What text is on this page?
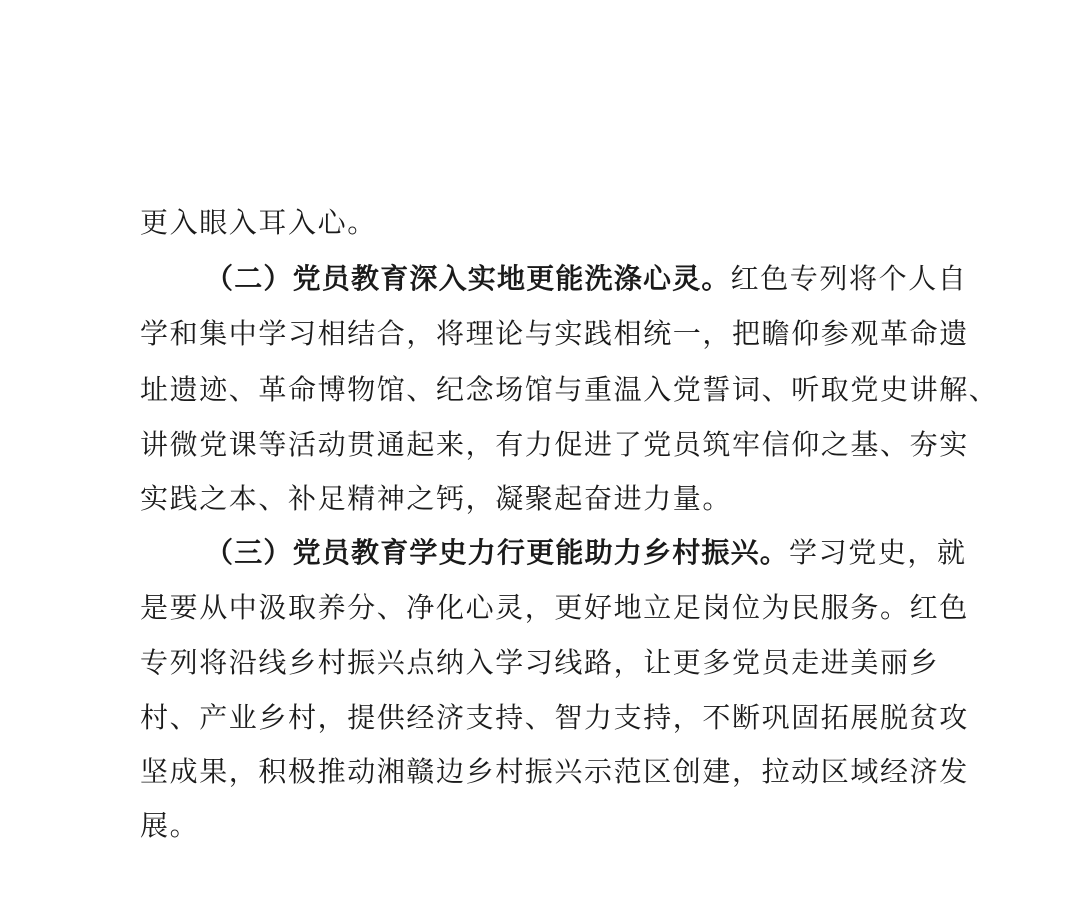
更入眼入耳入心。
（二）党员教育深入实地更能洗涤心灵。红色专列将个人自
学和集中学习相结合，将理论与实践相统一，把瞻仰参观革命遗
址遗迹、革命博物馆、纪念场馆与重温入党誓词、听取党史讲解、
讲微党课等活动贯通起来，有力促进了党员筑牢信仰之基、夯实
实践之本、补足精神之钙，凝聚起奋进力量。
（三）党员教育学史力行更能助力乡村振兴。学习党史，就
是要从中汲取养分、净化心灵，更好地立足岗位为民服务。红色
专列将沿线乡村振兴点纳入学习线路，让更多党员走进美丽乡
村、产业乡村，提供经济支持、智力支持，不断巩固拓展脱贫攻
坚成果，积极推动湘赣边乡村振兴示范区创建，拉动区域经济发
展。
